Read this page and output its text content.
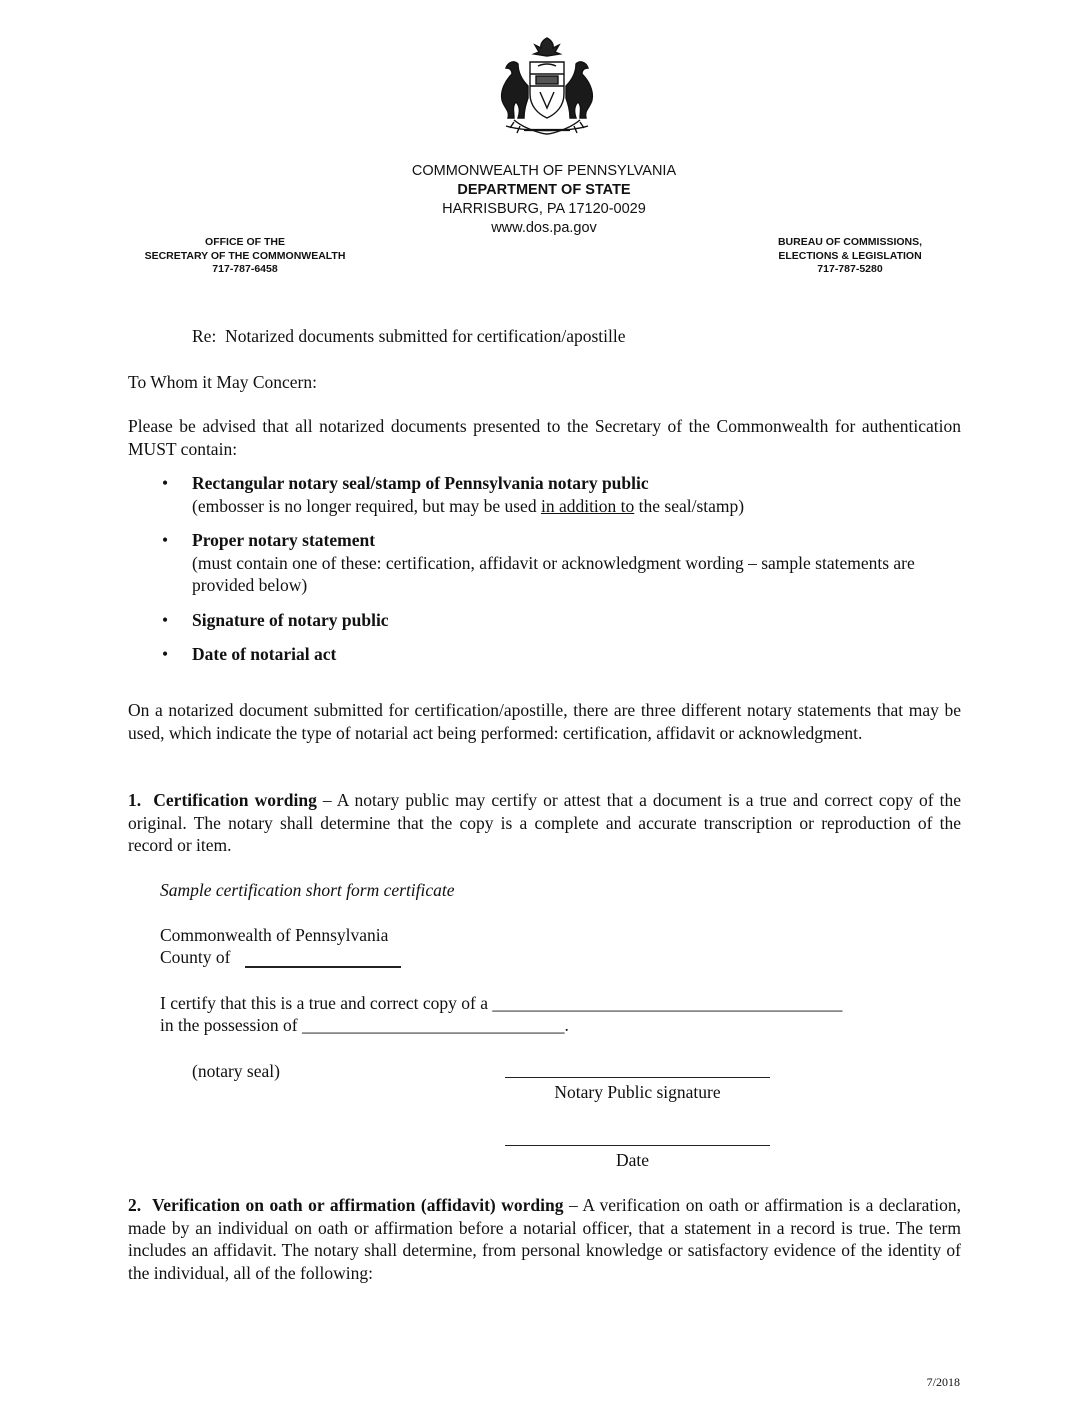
COMMONWEALTH OF PENNSYLVANIA
DEPARTMENT OF STATE
HARRISBURG, PA 17120-0029
www.dos.pa.gov
OFFICE OF THE
SECRETARY OF THE COMMONWEALTH
717-787-6458
BUREAU OF COMMISSIONS,
ELECTIONS & LEGISLATION
717-787-5280
Re:  Notarized documents submitted for certification/apostille
To Whom it May Concern:
Please be advised that all notarized documents presented to the Secretary of the Commonwealth for authentication MUST contain:
•	Rectangular notary seal/stamp of Pennsylvania notary public
(embosser is no longer required, but may be used in addition to the seal/stamp)
•	Proper notary statement
(must contain one of these: certification, affidavit or acknowledgment wording – sample statements are provided below)
•	Signature of notary public
•	Date of notarial act
On a notarized document submitted for certification/apostille, there are three different notary statements that may be used, which indicate the type of notarial act being performed: certification, affidavit or acknowledgment.
1. Certification wording – A notary public may certify or attest that a document is a true and correct copy of the original. The notary shall determine that the copy is a complete and accurate transcription or reproduction of the record or item.
Sample certification short form certificate
Commonwealth of Pennsylvania
County of
I certify that this is a true and correct copy of a ________________________________________
in the possession of ______________________________.
(notary seal)
Notary Public signature
Date
2. Verification on oath or affirmation (affidavit) wording – A verification on oath or affirmation is a declaration, made by an individual on oath or affirmation before a notarial officer, that a statement in a record is true. The term includes an affidavit. The notary shall determine, from personal knowledge or satisfactory evidence of the identity of the individual, all of the following:
7/2018
